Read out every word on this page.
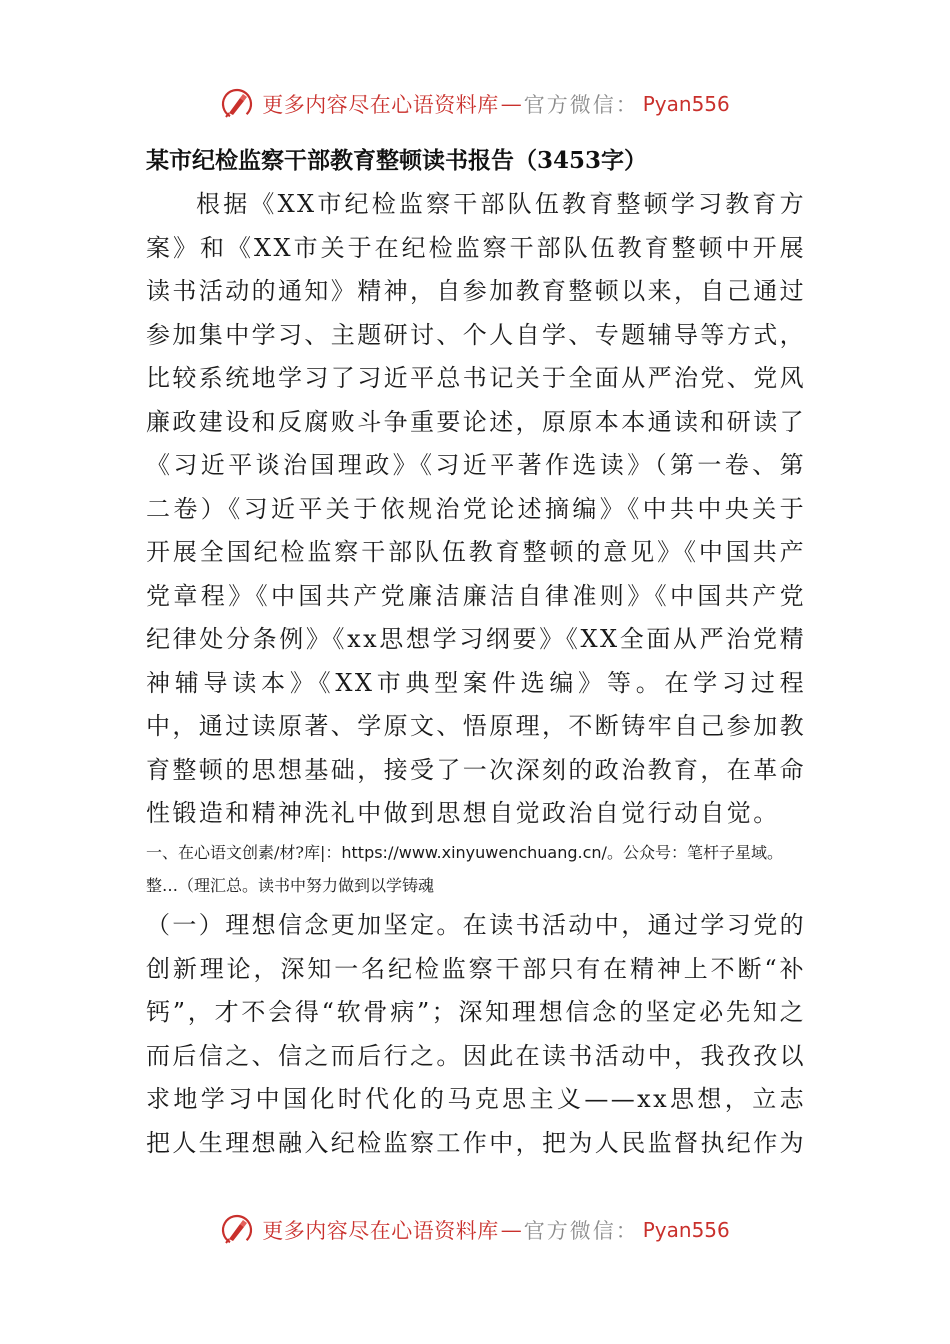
更多内容尽在心语资料库 — 官方微信： Pyan556
某市纪检监察干部教育整顿读书报告（3453字）

根据《XX市纪检监察干部队伍教育整顿学习教育方案》和《XX市关于在纪检监察干部队伍教育整顿中开展读书活动的通知》精神，自参加教育整顿以来，自己通过参加集中学习、主题研讨、个人自学、专题辅导等方式，比较系统地学习了习近平总书记关于全面从严治党、党风廉政建设和反腐败斗争重要论述，原原本本通读和研读了《习近平谈治国理政》《习近平著作选读》（第一卷、第二卷）《习近平关于依规治党论述摘编》《中共中央关于开展全国纪检监察干部队伍教育整顿的意见》《中国共产党章程》《中国共产党廉洁廉洁自律准则》《中国共产党纪律处分条例》《xx思想学习纲要》《XX全面从严治党精神辅导读本》《XX市典型案件选编》等。在学习过程中，通过读原著、学原文、悟原理，不断铸牢自己参加教育整顿的思想基础，接受了一次深刻的政治教育，在革命性锻造和精神洗礼中做到思想自觉政治自觉行动自觉。

一、在心语文创素/材?库|：https://www.xinyuwenchuang.cn/。公众号：笔杆子星域。整…（理汇总。读书中努力做到以学铸魂

（一）理想信念更加坚定。在读书活动中，通过学习党的创新理论，深知一名纪检监察干部只有在精神上不断“补钙”，才不会得“软骨病”；深知理想信念的坚定必先知之而后信之、信之而后行之。因此在读书活动中，我孜孜以求地学习中国化时代化的马克思主义——xx思想，立志把人生理想融入纪检监察工作中，把为人民监督执纪作为

更多内容尽在心语资料库 — 官方微信： Pyan556
